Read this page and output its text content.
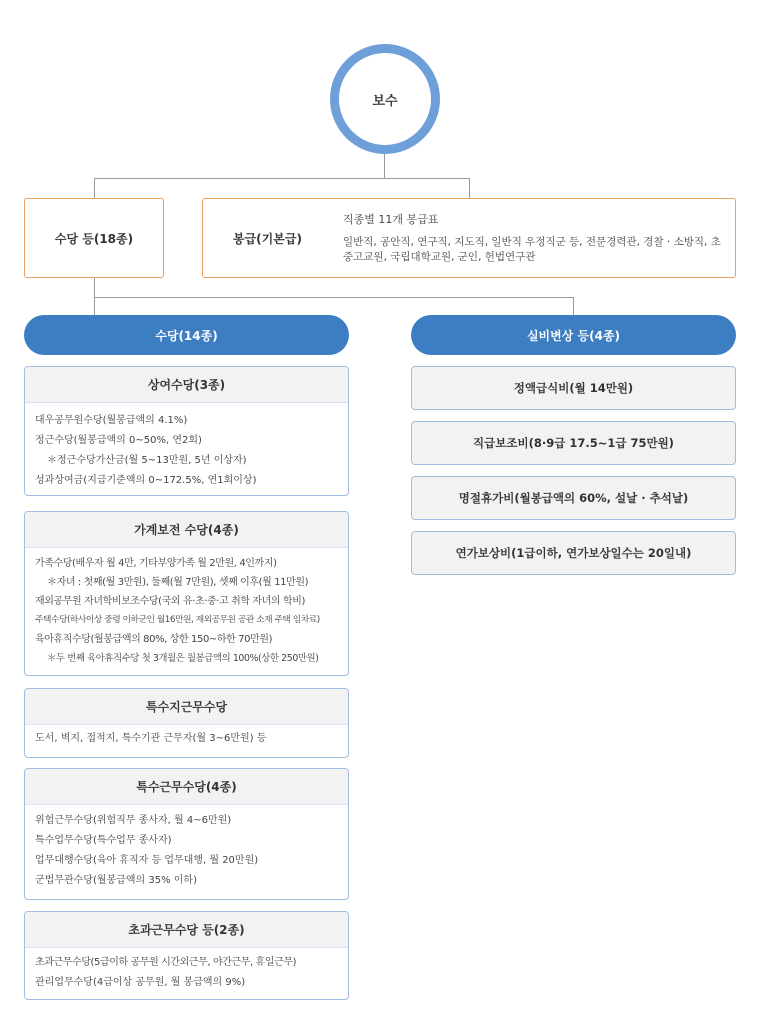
보수
수당 등(18종)	봉급(기본급)
직종별 11개 봉급표
일반직, 공안직, 연구직, 지도직, 일반직 우정직군 등, 전문경력관, 경찰 · 소방직, 초중고교원, 국립대학교원, 군인, 헌법연구관
수당(14종)	실비변상 등(4종)
상여수당(3종)
대우공무원수당(월봉급액의 4.1%)
정근수당(월봉급액의 0~50%, 연2회)
＊정근수당가산금(월 5~13만원, 5년 이상자)
성과상여금(지급기준액의 0~172.5%, 연1회이상)
가계보전 수당(4종)
가족수당(배우자 월 4만, 기타부양가족 월 2만원, 4인까지)
＊자녀 : 첫째(월 3만원), 둘째(월 7만원), 셋째 이후(월 11만원)
재외공무원 자녀학비보조수당(국외 유·초·중·고 취학 자녀의 학비)
주택수당(하사이상 중령 이하군인 월16만원, 재외공무원 공관 소재 주택 임차료)
육아휴직수당(월봉급액의 80%, 상한 150~하한 70만원)
＊두 번째 육아휴직수당 첫 3개월은 월봉급액의 100%(상한 250만원)
특수지근무수당
도서, 벽지, 접적지, 특수기관 근무자(월 3~6만원) 등
특수근무수당(4종)
위험근무수당(위험직무 종사자, 월 4~6만원)
특수업무수당(특수업무 종사자)
업무대행수당(육아 휴직자 등 업무대행, 월 20만원)
군법무관수당(월봉급액의 35% 이하)
초과근무수당 등(2종)
초과근무수당(5급이하 공무원 시간외근무, 야간근무, 휴일근무)
관리업무수당(4급이상 공무원, 월 봉급액의 9%)
정액급식비(월 14만원)
직급보조비(8·9급 17.5~1급 75만원)
명절휴가비(월봉급액의 60%, 설날 · 추석날)
연가보상비(1급이하, 연가보상일수는 20일내)
